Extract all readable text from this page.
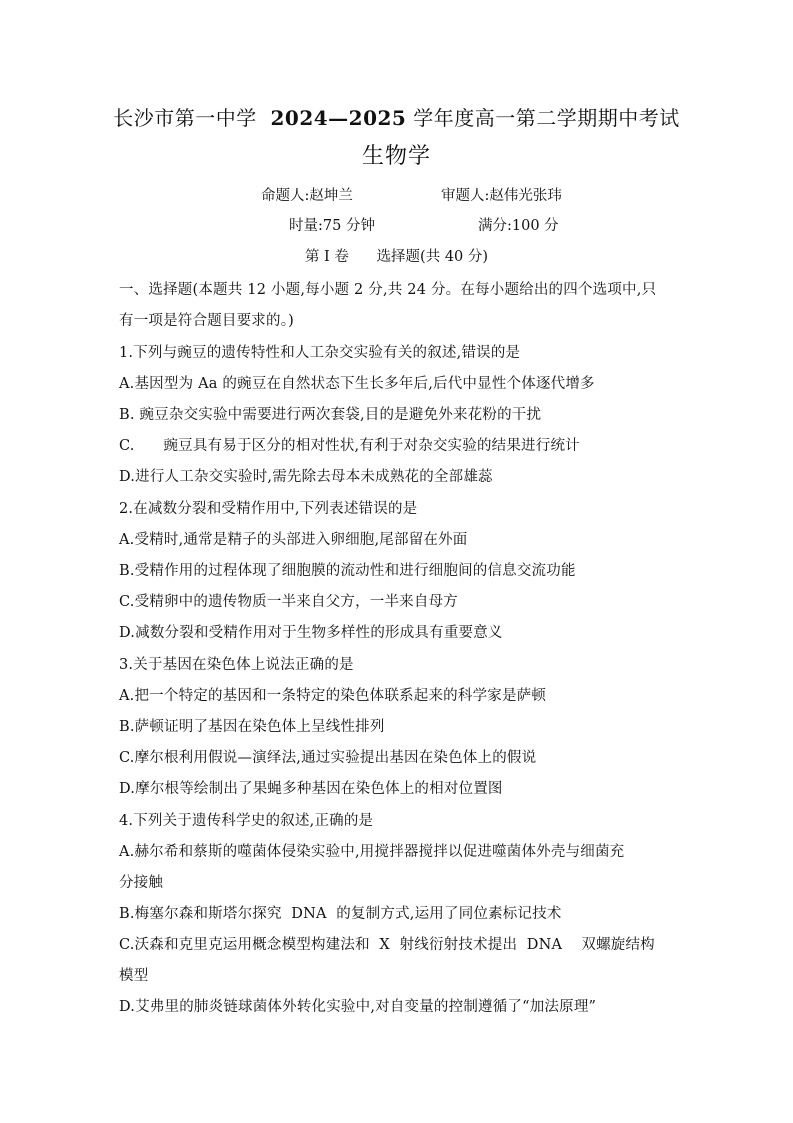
长沙市第一中学 2024—2025 学年度高一第二学期期中考试
生物学
命题人:赵坤兰	审题人:赵伟光张玮
时量:75 分钟	满分:100 分
第 I 卷 选择题(共 40 分)
一、选择题(本题共 12 小题,每小题 2 分,共 24 分。在每小题给出的四个选项中,只
有一项是符合题目要求的。)
1.下列与豌豆的遗传特性和人工杂交实验有关的叙述,错误的是
A.基因型为 Aa 的豌豆在自然状态下生长多年后,后代中显性个体逐代增多
B. 豌豆杂交实验中需要进行两次套袋,目的是避免外来花粉的干扰
C.      豌豆具有易于区分的相对性状,有利于对杂交实验的结果进行统计
D.进行人工杂交实验时,需先除去母本未成熟花的全部雄蕊
2.在减数分裂和受精作用中,下列表述错误的是
A.受精时,通常是精子的头部进入卵细胞,尾部留在外面
B.受精作用的过程体现了细胞膜的流动性和进行细胞间的信息交流功能
C.受精卵中的遗传物质一半来自父方，一半来自母方
D.减数分裂和受精作用对于生物多样性的形成具有重要意义
3.关于基因在染色体上说法正确的是
A.把一个特定的基因和一条特定的染色体联系起来的科学家是萨顿
B.萨顿证明了基因在染色体上呈线性排列
C.摩尔根利用假说—演绎法,通过实验提出基因在染色体上的假说
D.摩尔根等绘制出了果蝇多种基因在染色体上的相对位置图
4.下列关于遗传科学史的叙述,正确的是
A.赫尔希和蔡斯的噬菌体侵染实验中,用搅拌器搅拌以促进噬菌体外壳与细菌充
分接触
B.梅塞尔森和斯塔尔探究  DNA  的复制方式,运用了同位素标记技术
C.沃森和克里克运用概念模型构建法和  X  射线衍射技术提出  DNA    双螺旋结构
模型
D.艾弗里的肺炎链球菌体外转化实验中,对自变量的控制遵循了“加法原理”
